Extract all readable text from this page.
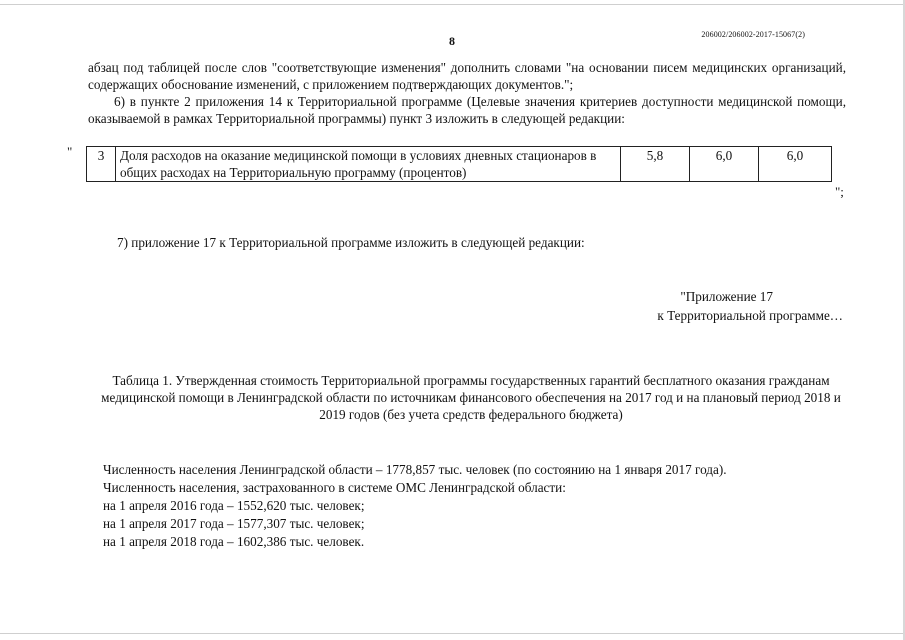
206002/206002-2017-15067(2)
8
абзац под таблицей после слов "соответствующие изменения" дополнить словами "на основании писем медицинских организаций, содержащих обоснование изменений, с приложением подтверждающих документов.";
6) в пункте 2 приложения 14 к Территориальной программе (Целевые значения критериев доступности медицинской помощи, оказываемой в рамках Территориальной программы) пункт 3 изложить в следующей редакции:
" 3	Доля расходов на оказание медицинской помощи в условиях дневных стационаров в общих расходах на Территориальную программу (процентов)	5,8	6,0	6,0
";
7) приложение 17 к Территориальной программе изложить в следующей редакции:
"Приложение 17
к Территориальной программе…
Таблица 1. Утвержденная стоимость Территориальной программы государственных гарантий бесплатного оказания гражданам медицинской помощи в Ленинградской области по источникам финансового обеспечения на 2017 год и на плановый период 2018 и 2019 годов (без учета средств федерального бюджета)
Численность населения Ленинградской области – 1778,857 тыс. человек (по состоянию на 1 января 2017 года).
Численность населения, застрахованного в системе ОМС Ленинградской области:
на 1 апреля 2016 года – 1552,620 тыс. человек;
на 1 апреля 2017 года – 1577,307 тыс. человек;
на 1 апреля 2018 года – 1602,386 тыс. человек.
